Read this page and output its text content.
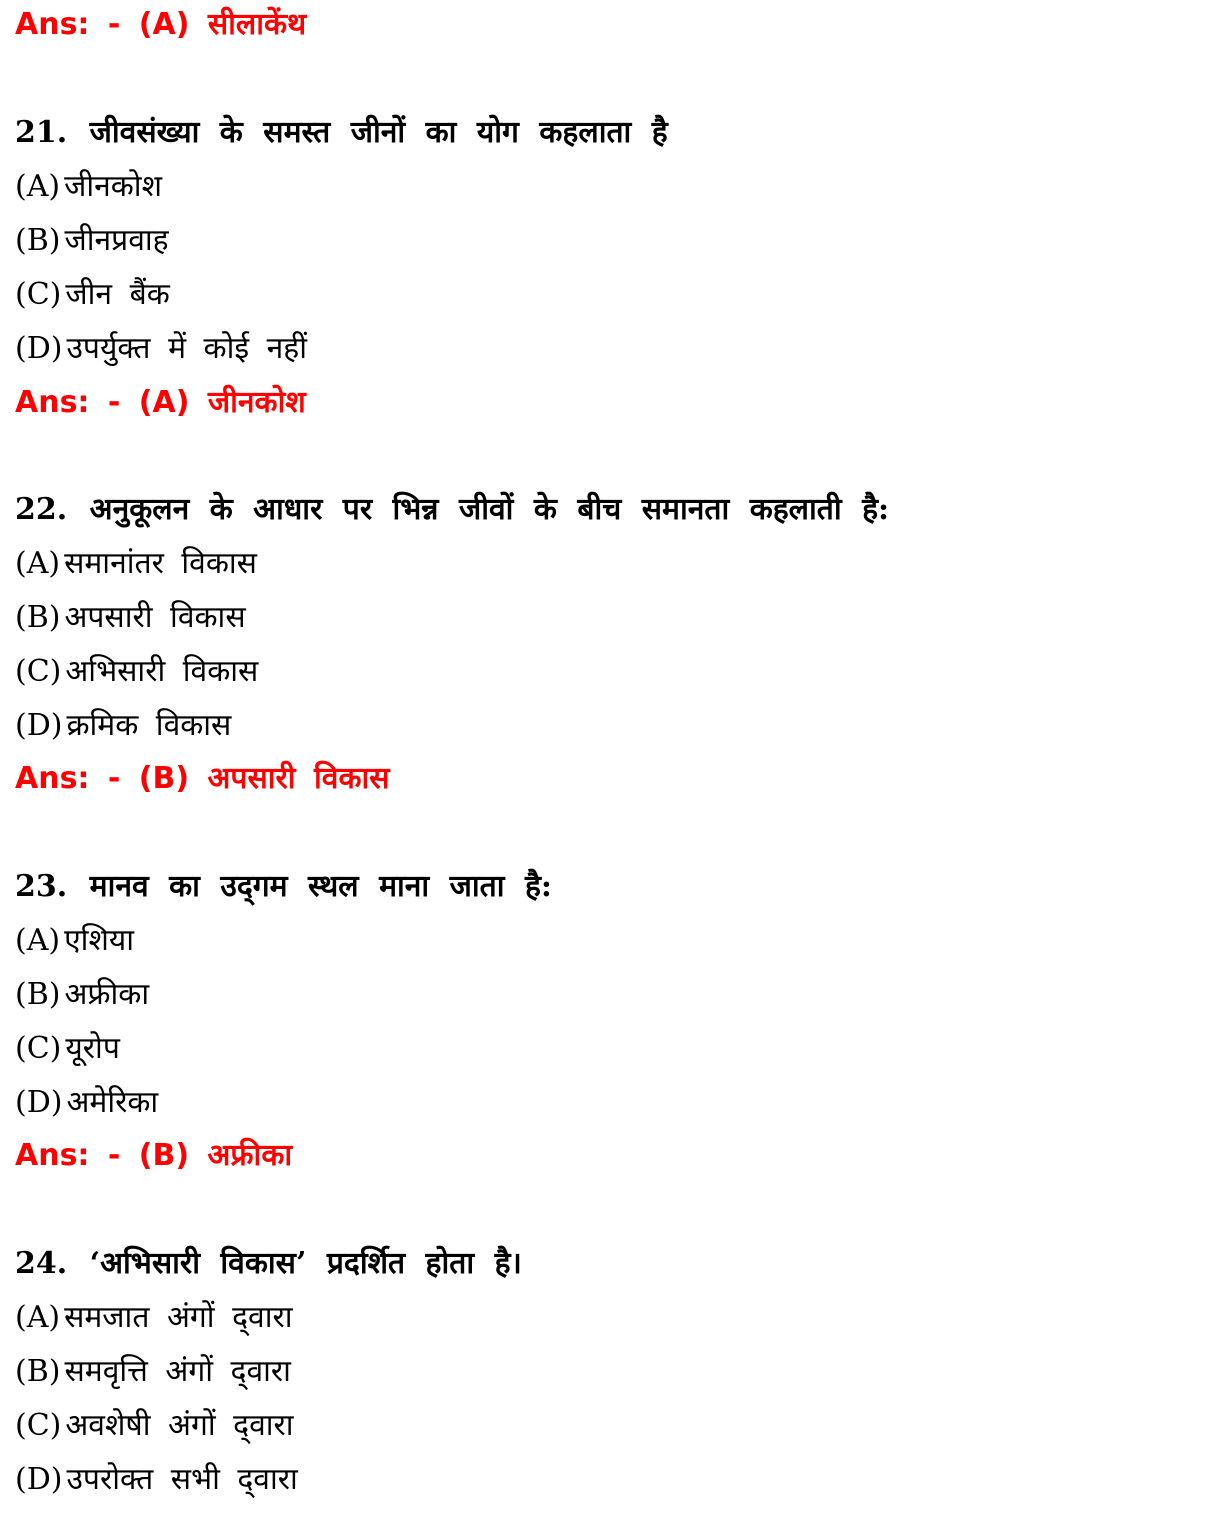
Ans: - (A) सीलाकेंथ
21. जीवसंख्या के समस्त जीनों का योग कहलाता है
(A) जीनकोश
(B) जीनप्रवाह
(C) जीन बैंक
(D) उपर्युक्त में कोई नहीं
Ans: - (A) जीनकोश
22. अनुकूलन के आधार पर भिन्न जीवों के बीच समानता कहलाती है:
(A) समानांतर विकास
(B) अपसारी विकास
(C) अभिसारी विकास
(D) क्रमिक विकास
Ans: - (B) अपसारी विकास
23. मानव का उद्‌गम स्थल माना जाता है:
(A) एशिया
(B) अफ्रीका
(C) यूरोप
(D) अमेरिका
Ans: - (B) अफ्रीका
24. ‘अभिसारी विकास’ प्रदर्शित होता है।
(A) समजात अंगों द्‌वारा
(B) समवृत्ति अंगों द्‌वारा
(C) अवशेषी अंगों द्‌वारा
(D) उपरोक्त सभी द्‌वारा
